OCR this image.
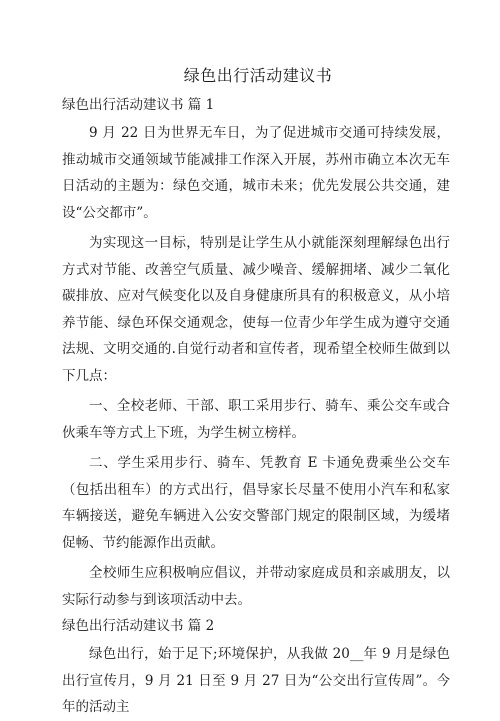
绿色出行活动建议书
绿色出行活动建议书 篇 1

9 月 22 日为世界无车日，为了促进城市交通可持续发展，推动城市交通领域节能减排工作深入开展，苏州市确立本次无车日活动的主题为：绿色交通，城市未来；优先发展公共交通，建设“公交都市”。

为实现这一目标，特别是让学生从小就能深刻理解绿色出行方式对节能、改善空气质量、减少噪音、缓解拥堵、减少二氧化碳排放、应对气候变化以及自身健康所具有的积极意义，从小培养节能、绿色环保交通观念，使每一位青少年学生成为遵守交通法规、文明交通的.自觉行动者和宣传者，现希望全校师生做到以下几点：

一、全校老师、干部、职工采用步行、骑车、乘公交车或合伙乘车等方式上下班，为学生树立榜样。

二、学生采用步行、骑车、凭教育 E 卡通免费乘坐公交车（包括出租车）的方式出行，倡导家长尽量不使用小汽车和私家车辆接送，避免车辆进入公安交警部门规定的限制区域，为缓堵促畅、节约能源作出贡献。

全校师生应积极响应倡议，并带动家庭成员和亲戚朋友，以实际行动参与到该项活动中去。

绿色出行活动建议书 篇 2

绿色出行，始于足下;环境保护，从我做 20__年 9 月是绿色出行宣传月，9 月 21 日至 9 月 27 日为“公交出行宣传周”。今年的活动主
